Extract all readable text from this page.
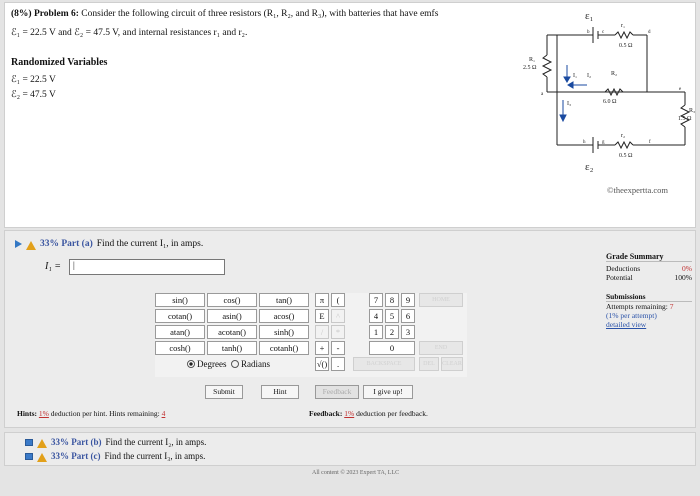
(8%) Problem 6: Consider the following circuit of three resistors (R₁, R₂, and R₃), with batteries that have emfs
ℰ₁ = 22.5 V and ℰ₂ = 47.5 V, and internal resistances r₁ and r₂.
Randomized Variables
ℰ₁ = 22.5 V
ℰ₂ = 47.5 V
ε₁
ε₂
R₁
2.5 Ω
R₂
6.0 Ω
R₃
1.5 Ω
r₁
0.5 Ω
r₂
0.5 Ω
I₁ I₂
I₃
a
b	c	d
e
f
g
h
©theexpertta.com
33% Part (a) Find the current I₁, in amps.
I₁ =	|
sin()	cos()	tan()
cotan()	asin()	acos()
atan()	acotan()	sinh()
cosh()	tanh()	cotanh()
Degrees Radians
π	(
E	^
/	*
+	-
√()	.
7	8	9
4	5	6
1	2	3
0
BACKSPACE
HOME
END
DEL	CLEAR
Submit	Hint	Feedback	I give up!
Hints: 1% deduction per hint. Hints remaining: 4	Feedback: 1% deduction per feedback.
Grade Summary
Deductions	0%
Potential	100%
Submissions
Attempts remaining: 7
(1% per attempt)
detailed view
33% Part (b) Find the current I₂, in amps.
33% Part (c) Find the current I₃, in amps.
All content © 2023 Expert TA, LLC
